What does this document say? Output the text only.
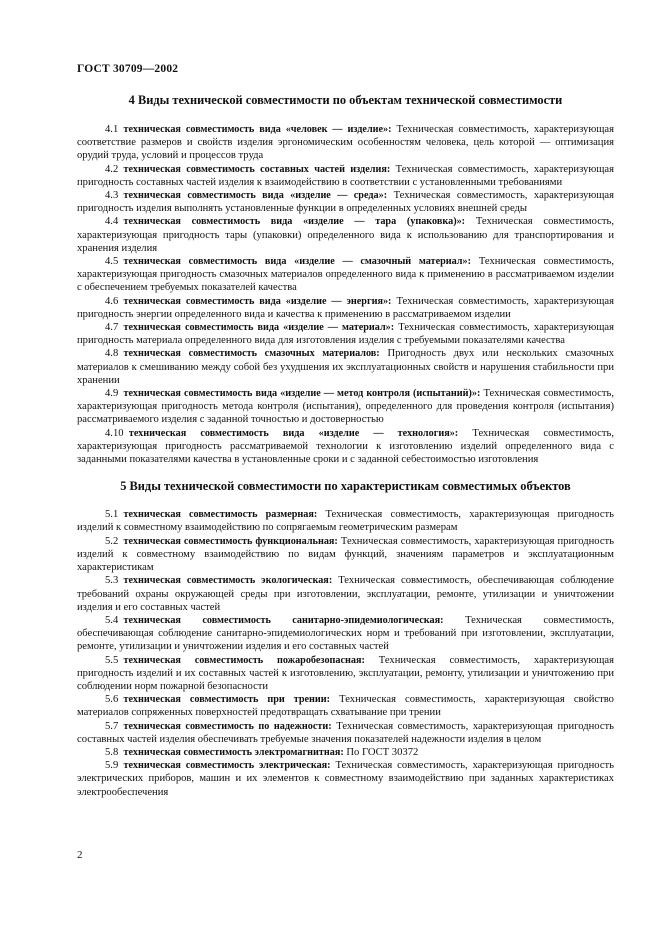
ГОСТ 30709—2002
4 Виды технической совместимости по объектам технической совместимости

4.1  техническая совместимость вида «человек — изделие»: Техническая совместимость, характеризующая соответствие размеров и свойств изделия эргономическим особенностям человека, цель которой — оптимизация орудий труда, условий и процессов труда

4.2  техническая совместимость составных частей изделия: Техническая совместимость, характеризующая пригодность составных частей изделия к взаимодействию в соответствии с установленными требованиями

4.3  техническая совместимость вида «изделие — среда»: Техническая совместимость, характеризующая пригодность изделия выполнять установленные функции в определенных условиях внешней среды

4.4  техническая совместимость вида «изделие — тара (упаковка)»: Техническая совместимость, характеризующая пригодность тары (упаковки) определенного вида к использованию для транспортирования и хранения изделия

4.5  техническая совместимость вида «изделие — смазочный материал»: Техническая совместимость, характеризующая пригодность смазочных материалов определенного вида к применению в рассматриваемом изделии с обеспечением требуемых показателей качества

4.6  техническая совместимость вида «изделие — энергия»: Техническая совместимость, характеризующая пригодность энергии определенного вида и качества к применению в рассматриваемом изделии

4.7  техническая совместимость вида «изделие — материал»: Техническая совместимость, характеризующая пригодность материала определенного вида для изготовления изделия с требуемыми показателями качества

4.8  техническая совместимость смазочных материалов: Пригодность двух или нескольких смазочных материалов к смешиванию между собой без ухудшения их эксплуатационных свойств и нарушения стабильности при хранении

4.9  техническая совместимость вида «изделие — метод контроля (испытаний)»: Техническая совместимость, характеризующая пригодность метода контроля (испытания), определенного для проведения контроля (испытания) рассматриваемого изделия с заданной точностью и достоверностью

4.10  техническая совместимость вида «изделие — технология»: Техническая совместимость, характеризующая пригодность рассматриваемой технологии к изготовлению изделий определенного вида с заданными показателями качества в установленные сроки и с заданной себестоимостью изготовления

5 Виды технической совместимости по характеристикам совместимых объектов

5.1  техническая совместимость размерная: Техническая совместимость, характеризующая пригодность изделий к совместному взаимодействию по сопрягаемым геометрическим размерам

5.2  техническая совместимость функциональная: Техническая совместимость, характеризующая пригодность изделий к совместному взаимодействию по видам функций, значениям параметров и эксплуатационным характеристикам

5.3  техническая совместимость экологическая: Техническая совместимость, обеспечивающая соблюдение требований охраны окружающей среды при изготовлении, эксплуатации, ремонте, утилизации и уничтожении изделия и его составных частей

5.4  техническая совместимость санитарно-эпидемиологическая: Техническая совместимость, обеспечивающая соблюдение санитарно-эпидемиологических норм и требований при изготовлении, эксплуатации, ремонте, утилизации и уничтожении изделия и его составных частей

5.5  техническая совместимость пожаробезопасная: Техническая совместимость, характеризующая пригодность изделий и их составных частей к изготовлению, эксплуатации, ремонту, утилизации и уничтожению при соблюдении норм пожарной безопасности

5.6  техническая совместимость при трении: Техническая совместимость, характеризующая свойство материалов сопряженных поверхностей предотвращать схватывание при трении

5.7  техническая совместимость по надежности: Техническая совместимость, характеризующая пригодность составных частей изделия обеспечивать требуемые значения показателей надежности изделия в целом

5.8  техническая совместимость электромагнитная: По ГОСТ 30372

5.9  техническая совместимость электрическая: Техническая совместимость, характеризующая пригодность электрических приборов, машин и их элементов к совместному взаимодействию при заданных характеристиках электрообеспечения

2
